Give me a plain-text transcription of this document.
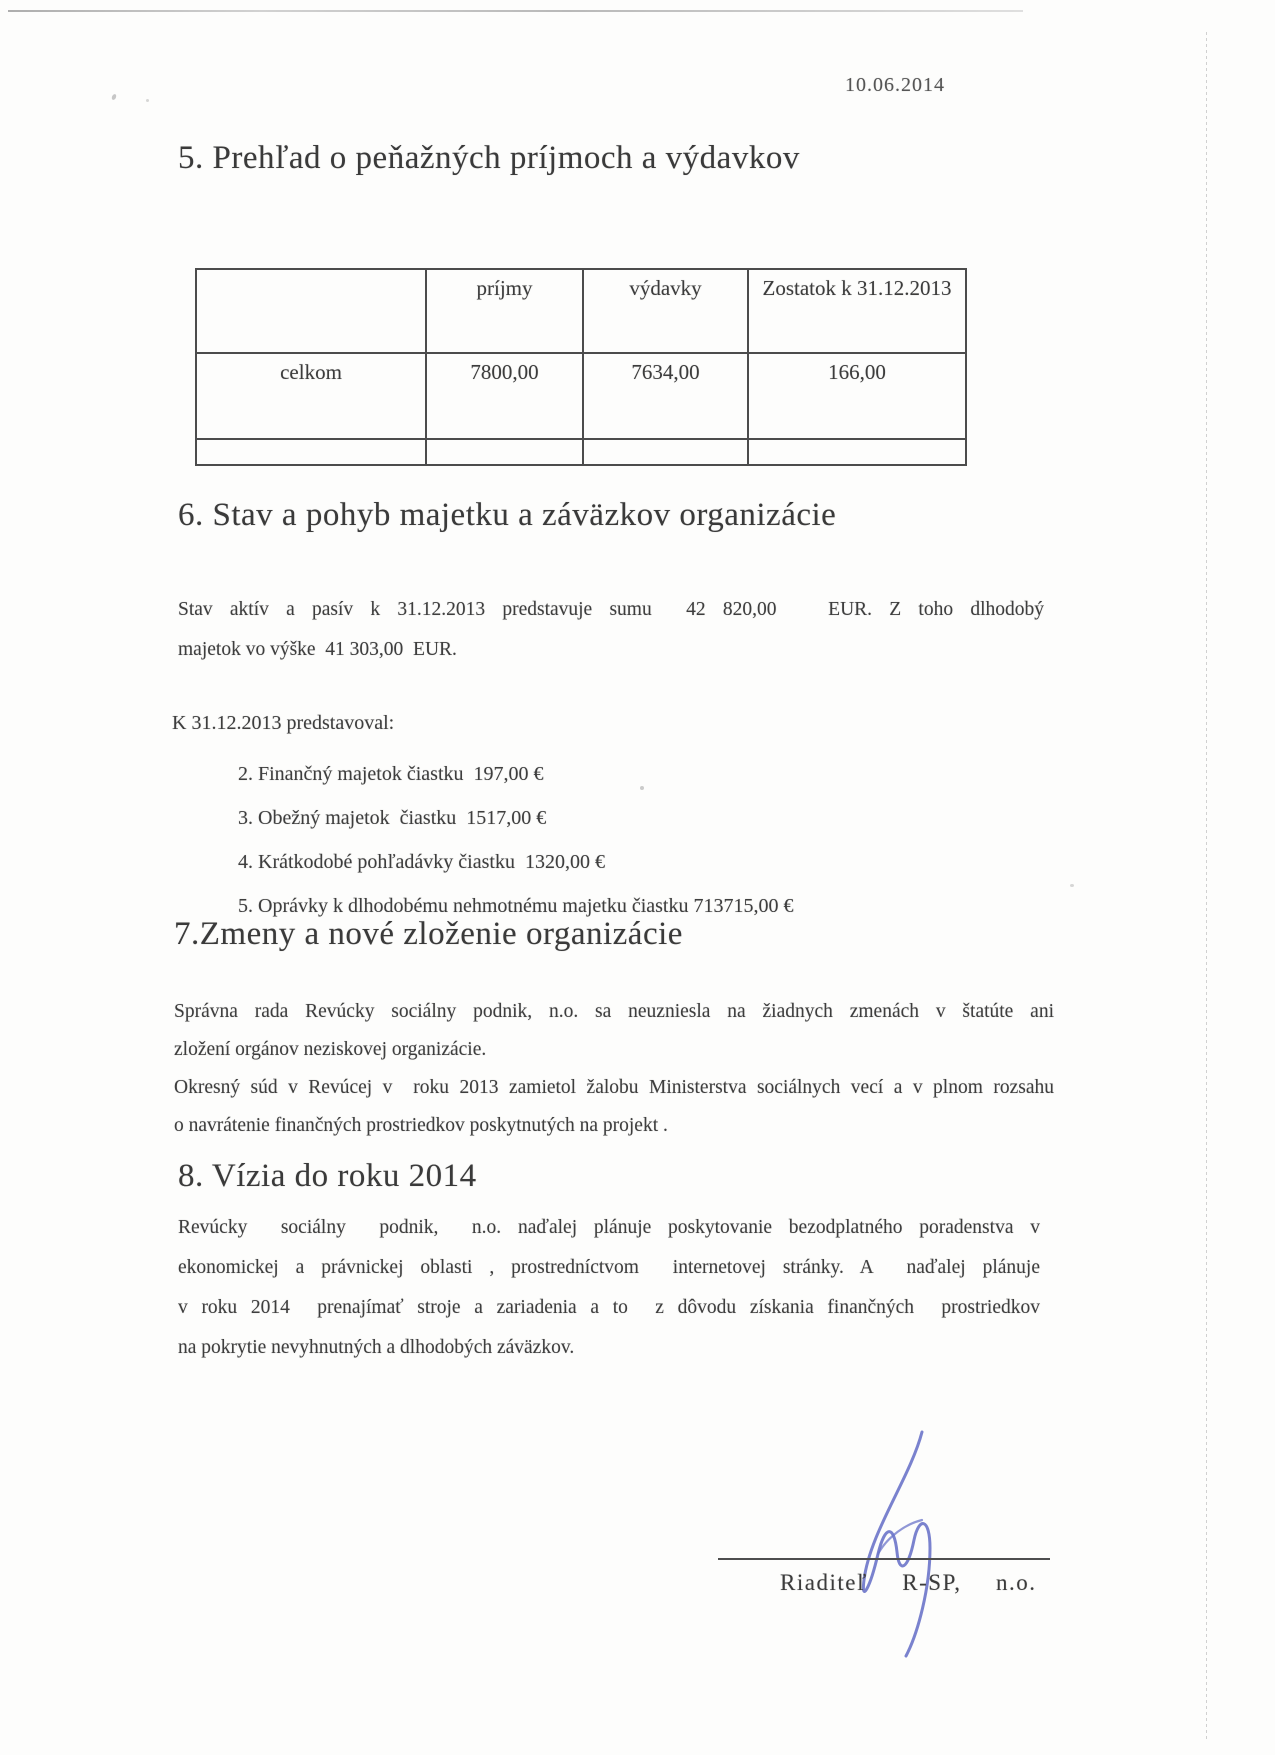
10.06.2014
5. Prehľad o peňažných príjmoch a výdavkov
	príjmy	výdavky	Zostatok k 31.12.2013
celkom	7800,00	7634,00	166,00

6. Stav a pohyb majetku a záväzkov organizácie
Stav aktív a pasív k 31.12.2013 predstavuje sumu  42 820,00   EUR. Z toho dlhodobý
majetok vo výške  41 303,00  EUR.
K 31.12.2013 predstavoval:
2. Finančný majetok čiastku  197,00 €
3. Obežný majetok  čiastku  1517,00 €
4. Krátkodobé pohľadávky čiastku  1320,00 €
5. Oprávky k dlhodobému nehmotnému majetku čiastku 713715,00 €
7.Zmeny a nové zloženie organizácie
Správna rada Revúcky sociálny podnik, n.o. sa neuzniesla na žiadnych zmenách v štatúte ani
zložení orgánov neziskovej organizácie.
Okresný súd v Revúcej v  roku 2013 zamietol žalobu Ministerstva sociálnych vecí a v plnom rozsahu
o navrátenie finančných prostriedkov poskytnutých na projekt .
8. Vízia do roku 2014
Revúcky  sociálny  podnik,  n.o. naďalej plánuje poskytovanie bezodplatného poradenstva v
ekonomickej a právnickej oblasti , prostredníctvom  internetovej stránky. A  naďalej plánuje
v roku 2014  prenajímať stroje a zariadenia a to  z dôvodu získania finančných  prostriedkov
na pokrytie nevyhnutných a dlhodobých záväzkov.
Riaditeľ  R-SP,  n.o.
